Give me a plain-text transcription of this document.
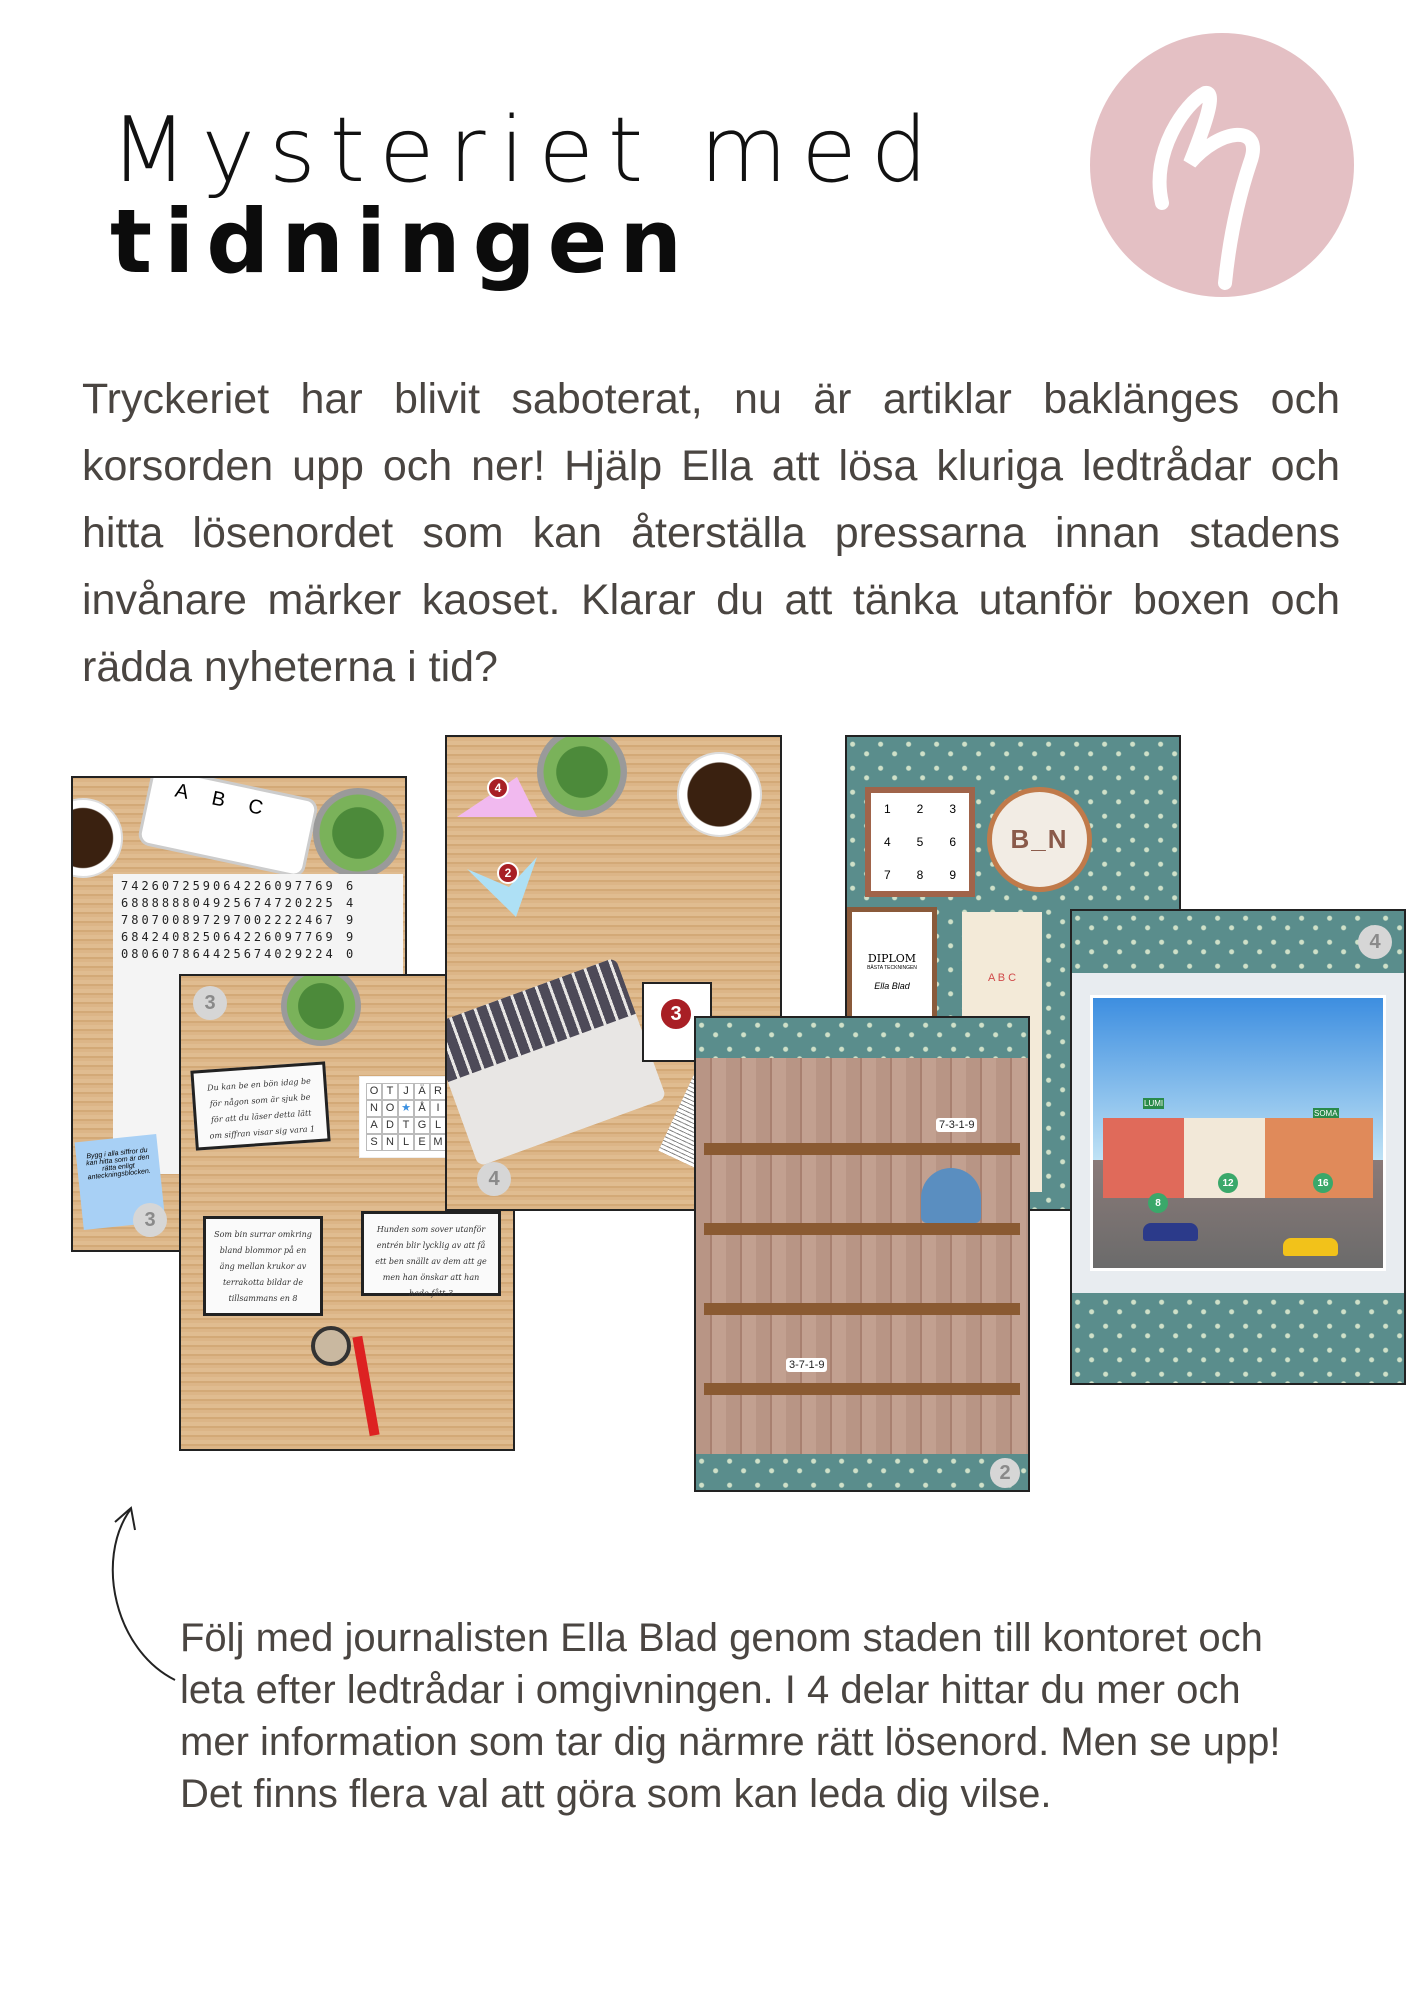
Mysteriet med
tidningen

Tryckeriet har blivit saboterat, nu är artiklar baklänges och korsorden upp och ner! Hjälp Ella att lösa kluriga ledtrådar och hitta lösenordet som kan återställa pressarna innan stadens invånare märker kaoset. Klarar du att tänka utanför boxen och rädda nyheterna i tid?

A B C
742607259064226097769 6
688888804925674720225 4
780700897297002222467 9
684240825064226097769 9
080607864425674029224 0
Bygg i alla siffror du kan hitta som är den rätta enligt anteckningsblocken.
3
3
Du kan be en bön idag be för någon som är sjuk be för att du läser detta lätt om siffran visar sig vara 1
O T J Ä R
N O ★ Å I
A D T G L
S N L E M
Som bin surrar omkring bland blommor på en äng mellan krukor av terrakotta bildar de tillsammans en 8
Hunden som sover utanför entrén blir lycklig av att få ett ben snällt av dem att ge men han önskar att han hade fått 3
4
2
3
4
1	2	3
4	5	6
7	8	9
B_N
DIPLOM
BÄSTA TECKNINGEN
Ella Blad
A B C
7-3-1-9
3-7-1-9
2
4
LUMI
SOMA
8
12	16

Följ med journalisten Ella Blad genom staden till kontoret och leta efter ledtrådar i omgivningen. I 4 delar hittar du mer och mer information som tar dig närmre rätt lösenord. Men se upp! Det finns flera val att göra som kan leda dig vilse.
